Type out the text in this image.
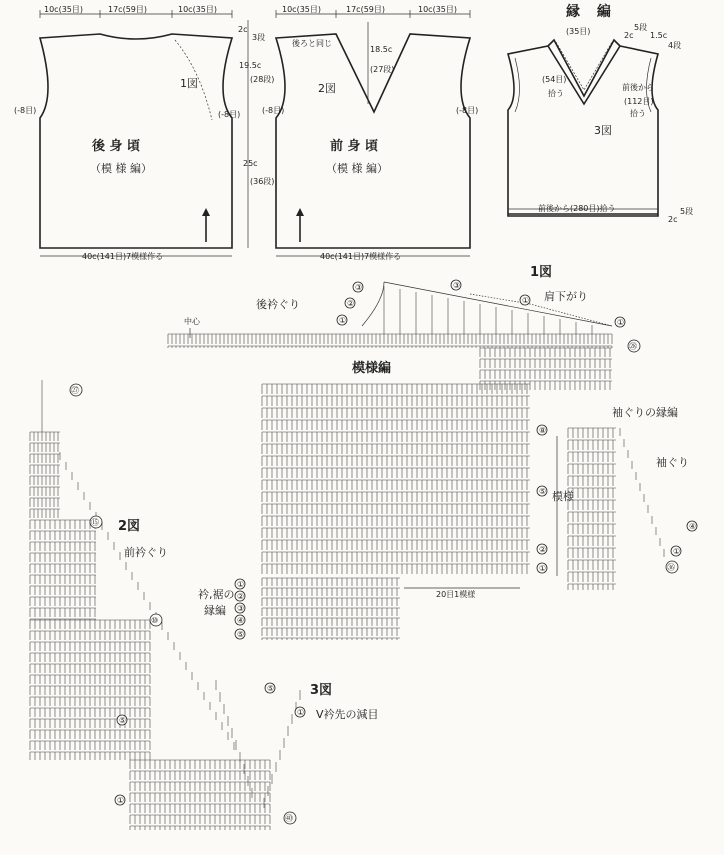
10c(35目)	17c(59目)	10c(35目)
1図
(-8目)	(-8目)
後 身 頃
（模 様 編）
2c
3段
19.5c
(28段)
25c
(36段)
40c(141目)7模様作る
10c(35目)	17c(59目)	10c(35目)
後ろと同じ
2図
(-8目)	(-8目)
前 身 頃
（模 様 編）
18.5c
(27段)
40c(141目)7模様作る
縁 編
(35目)	2c
5段
1.5c
4段
(54目)
拾う
前後から
(112目)
拾う
3図
前後から(280目)拾う
2c
5段
1図
肩下がり
後衿ぐり
中心	①
②
③	③
①
①
㉘
模様編
模様
⑧
⑤
②
①
衿,裾の
縁編
①
②
③
④
⑤
20目1模様
袖ぐりの縁編
袖ぐり
④
①
㊱
2図
前衿ぐり
㉗
⑮
⑩
⑤
①
㊵
3図
V衿先の減目
⑤
①
